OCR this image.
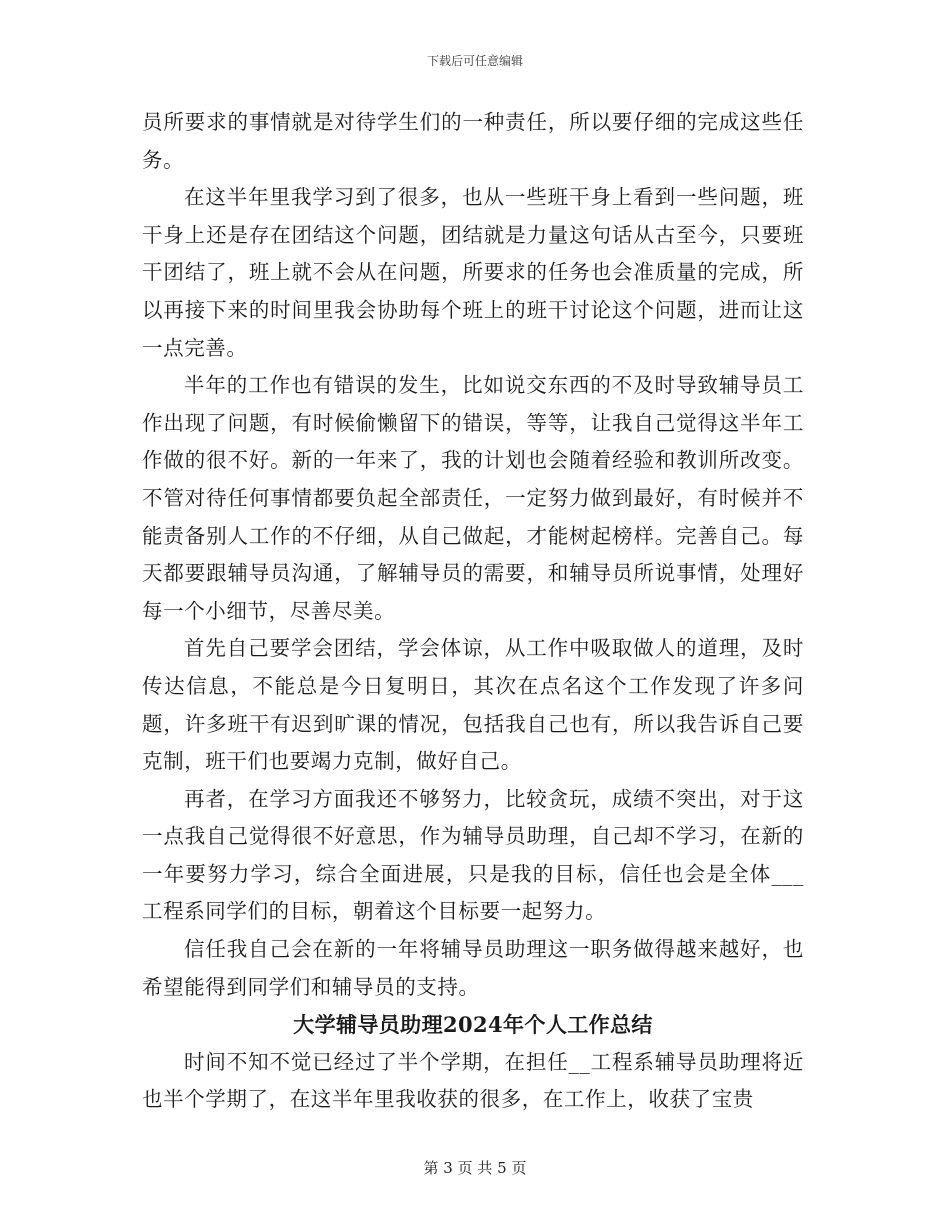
下载后可任意编辑

员所要求的事情就是对待学生们的一种责任，所以要仔细的完成这些任务。

在这半年里我学习到了很多，也从一些班干身上看到一些问题，班干身上还是存在团结这个问题，团结就是力量这句话从古至今，只要班干团结了，班上就不会从在问题，所要求的任务也会准质量的完成，所以再接下来的时间里我会协助每个班上的班干讨论这个问题，进而让这一点完善。

半年的工作也有错误的发生，比如说交东西的不及时导致辅导员工作出现了问题，有时候偷懒留下的错误，等等，让我自己觉得这半年工作做的很不好。新的一年来了，我的计划也会随着经验和教训所改变。不管对待任何事情都要负起全部责任，一定努力做到最好，有时候并不能责备别人工作的不仔细，从自己做起，才能树起榜样。完善自己。每天都要跟辅导员沟通，了解辅导员的需要，和辅导员所说事情，处理好每一个小细节，尽善尽美。

首先自己要学会团结，学会体谅，从工作中吸取做人的道理，及时传达信息，不能总是今日复明日，其次在点名这个工作发现了许多问题，许多班干有迟到旷课的情况，包括我自己也有，所以我告诉自己要克制，班干们也要竭力克制，做好自己。

再者，在学习方面我还不够努力，比较贪玩，成绩不突出，对于这一点我自己觉得很不好意思，作为辅导员助理，自己却不学习，在新的一年要努力学习，综合全面进展，只是我的目标，信任也会是全体___工程系同学们的目标，朝着这个目标要一起努力。

信任我自己会在新的一年将辅导员助理这一职务做得越来越好，也希望能得到同学们和辅导员的支持。

大学辅导员助理2024年个人工作总结

时间不知不觉已经过了半个学期，在担任__工程系辅导员助理将近也半个学期了，在这半年里我收获的很多，在工作上，收获了宝贵

第 3 页 共 5 页
